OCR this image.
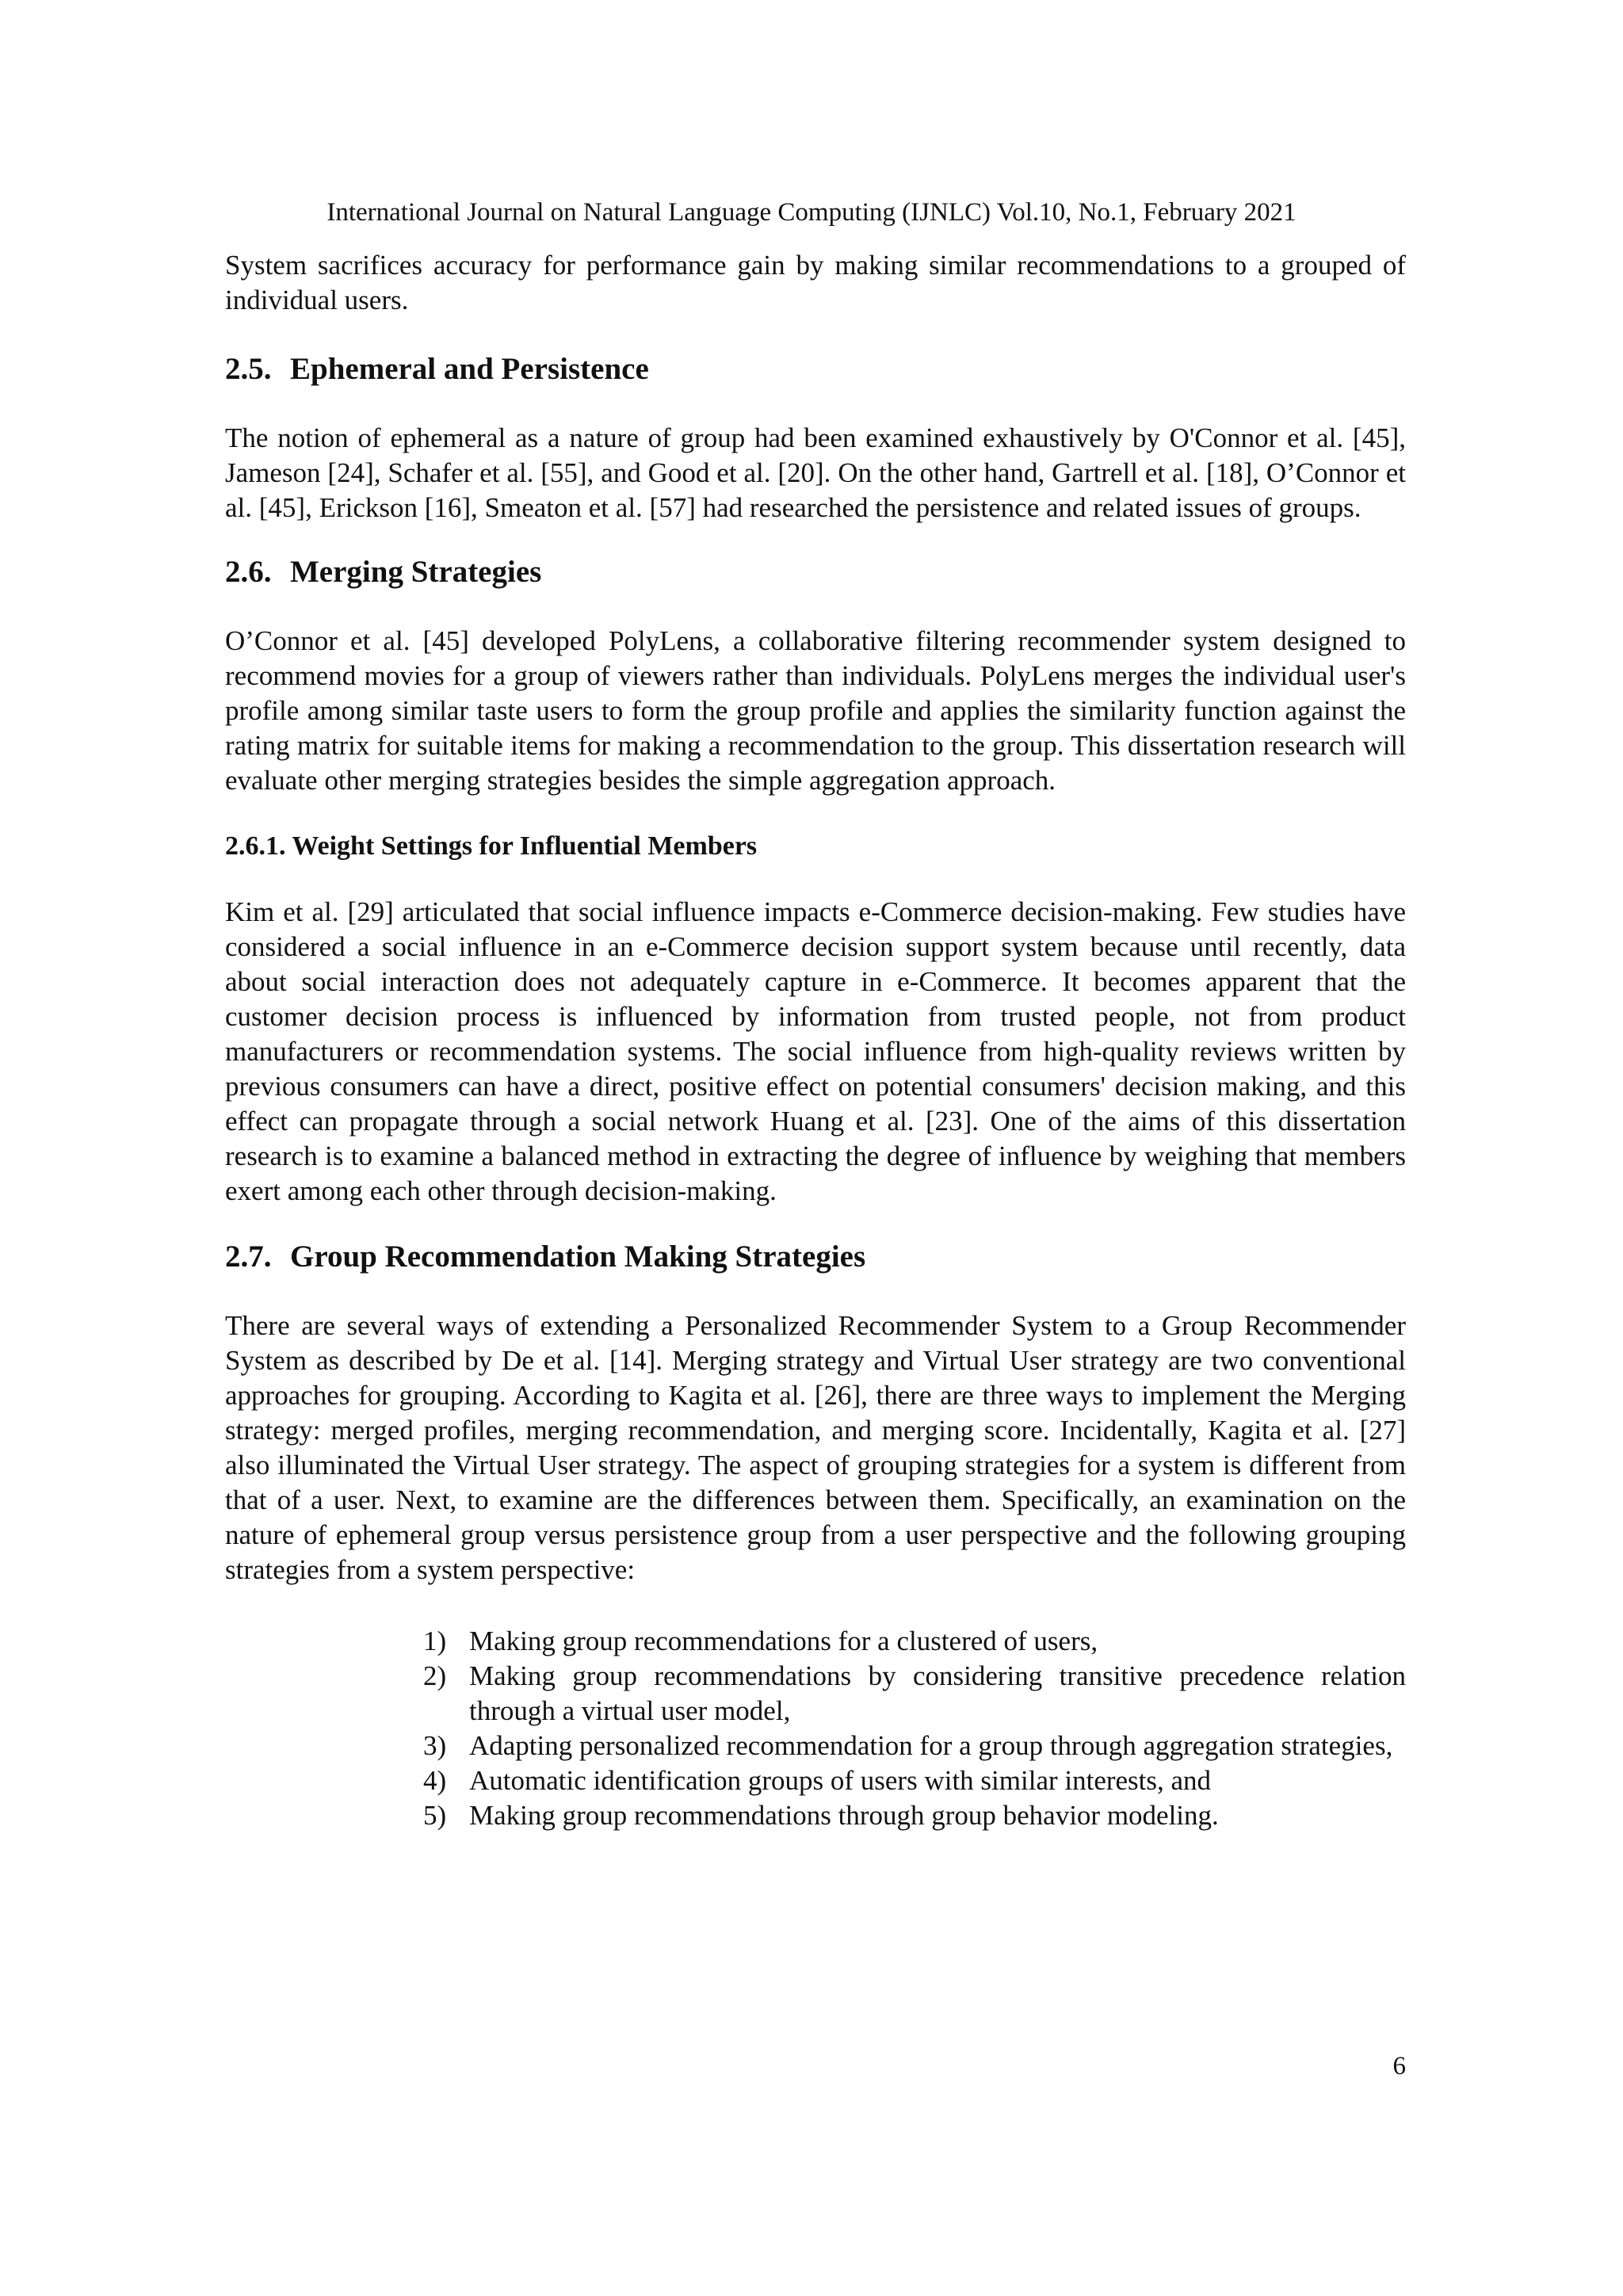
International Journal on Natural Language Computing (IJNLC) Vol.10, No.1, February 2021

System sacrifices accuracy for performance gain by making similar recommendations to a grouped of individual users.

2.5. Ephemeral and Persistence

The notion of ephemeral as a nature of group had been examined exhaustively by O'Connor et al. [45], Jameson [24], Schafer et al. [55], and Good et al. [20]. On the other hand, Gartrell et al. [18], O’Connor et al. [45], Erickson [16], Smeaton et al. [57] had researched the persistence and related issues of groups.

2.6. Merging Strategies

O’Connor et al. [45] developed PolyLens, a collaborative filtering recommender system designed to recommend movies for a group of viewers rather than individuals. PolyLens merges the individual user's profile among similar taste users to form the group profile and applies the similarity function against the rating matrix for suitable items for making a recommendation to the group. This dissertation research will evaluate other merging strategies besides the simple aggregation approach.

2.6.1. Weight Settings for Influential Members

Kim et al. [29] articulated that social influence impacts e-Commerce decision-making. Few studies have considered a social influence in an e-Commerce decision support system because until recently, data about social interaction does not adequately capture in e-Commerce. It becomes apparent that the customer decision process is influenced by information from trusted people, not from product manufacturers or recommendation systems. The social influence from high-quality reviews written by previous consumers can have a direct, positive effect on potential consumers' decision making, and this effect can propagate through a social network Huang et al. [23]. One of the aims of this dissertation research is to examine a balanced method in extracting the degree of influence by weighing that members exert among each other through decision-making.

2.7. Group Recommendation Making Strategies

There are several ways of extending a Personalized Recommender System to a Group Recommender System as described by De et al. [14]. Merging strategy and Virtual User strategy are two conventional approaches for grouping. According to Kagita et al. [26], there are three ways to implement the Merging strategy: merged profiles, merging recommendation, and merging score. Incidentally, Kagita et al. [27] also illuminated the Virtual User strategy. The aspect of grouping strategies for a system is different from that of a user. Next, to examine are the differences between them. Specifically, an examination on the nature of ephemeral group versus persistence group from a user perspective and the following grouping strategies from a system perspective:

1) Making group recommendations for a clustered of users,
2) Making group recommendations by considering transitive precedence relation through a virtual user model,
3) Adapting personalized recommendation for a group through aggregation strategies,
4) Automatic identification groups of users with similar interests, and
5) Making group recommendations through group behavior modeling.
6
